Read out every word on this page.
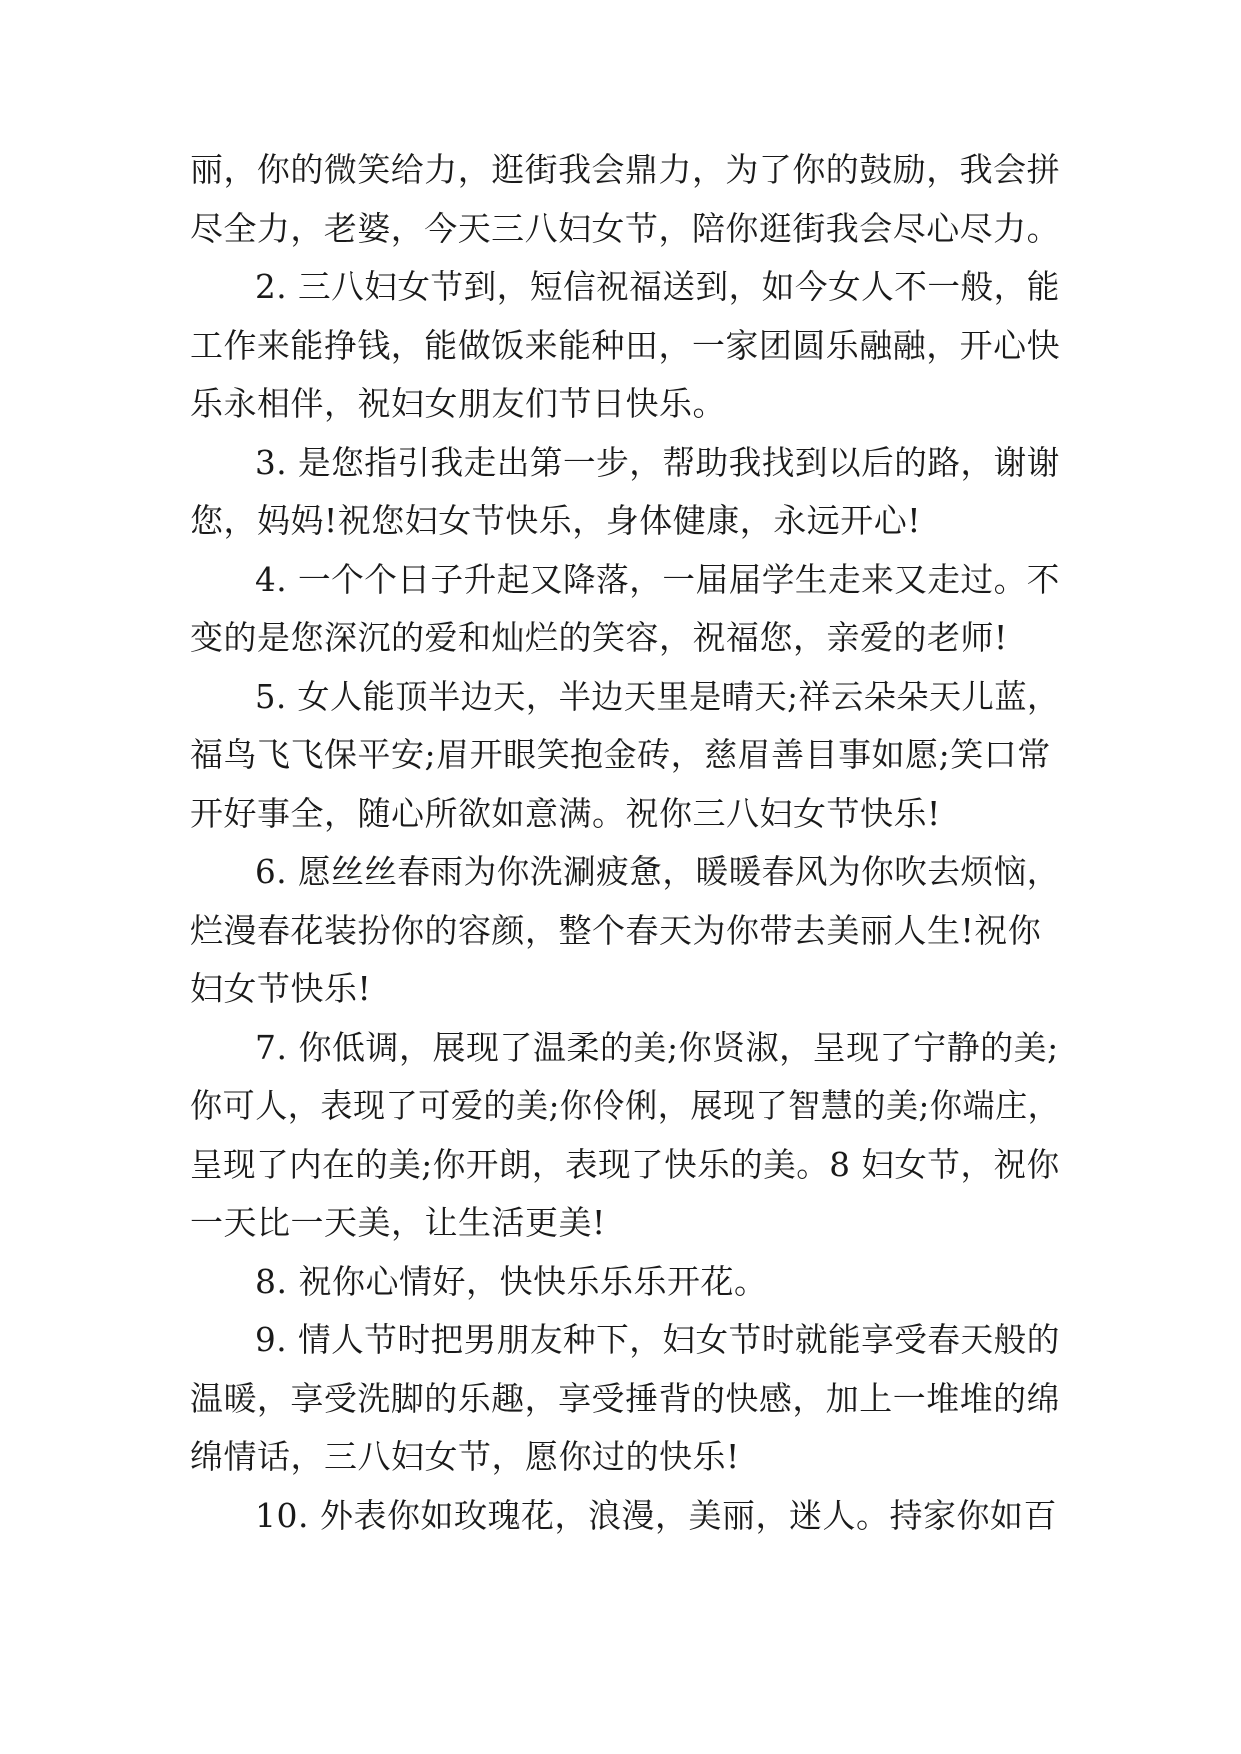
丽，你的微笑给力，逛街我会鼎力，为了你的鼓励，我会拼
尽全力，老婆，今天三八妇女节，陪你逛街我会尽心尽力。
2. 三八妇女节到，短信祝福送到，如今女人不一般，能
工作来能挣钱，能做饭来能种田，一家团圆乐融融，开心快
乐永相伴，祝妇女朋友们节日快乐。
3. 是您指引我走出第一步，帮助我找到以后的路，谢谢
您，妈妈!祝您妇女节快乐，身体健康，永远开心!
4. 一个个日子升起又降落，一届届学生走来又走过。不
变的是您深沉的爱和灿烂的笑容，祝福您，亲爱的老师!
5. 女人能顶半边天，半边天里是晴天;祥云朵朵天儿蓝，
福鸟飞飞保平安;眉开眼笑抱金砖，慈眉善目事如愿;笑口常
开好事全，随心所欲如意满。祝你三八妇女节快乐!
6. 愿丝丝春雨为你洗涮疲惫，暖暖春风为你吹去烦恼，
烂漫春花装扮你的容颜，整个春天为你带去美丽人生!祝你
妇女节快乐!
7. 你低调，展现了温柔的美;你贤淑，呈现了宁静的美;
你可人，表现了可爱的美;你伶俐，展现了智慧的美;你端庄，
呈现了内在的美;你开朗，表现了快乐的美。8 妇女节，祝你
一天比一天美，让生活更美!
8. 祝你心情好，快快乐乐乐开花。
9. 情人节时把男朋友种下，妇女节时就能享受春天般的
温暖，享受洗脚的乐趣，享受捶背的快感，加上一堆堆的绵
绵情话，三八妇女节，愿你过的快乐!
10. 外表你如玫瑰花，浪漫，美丽，迷人。持家你如百
